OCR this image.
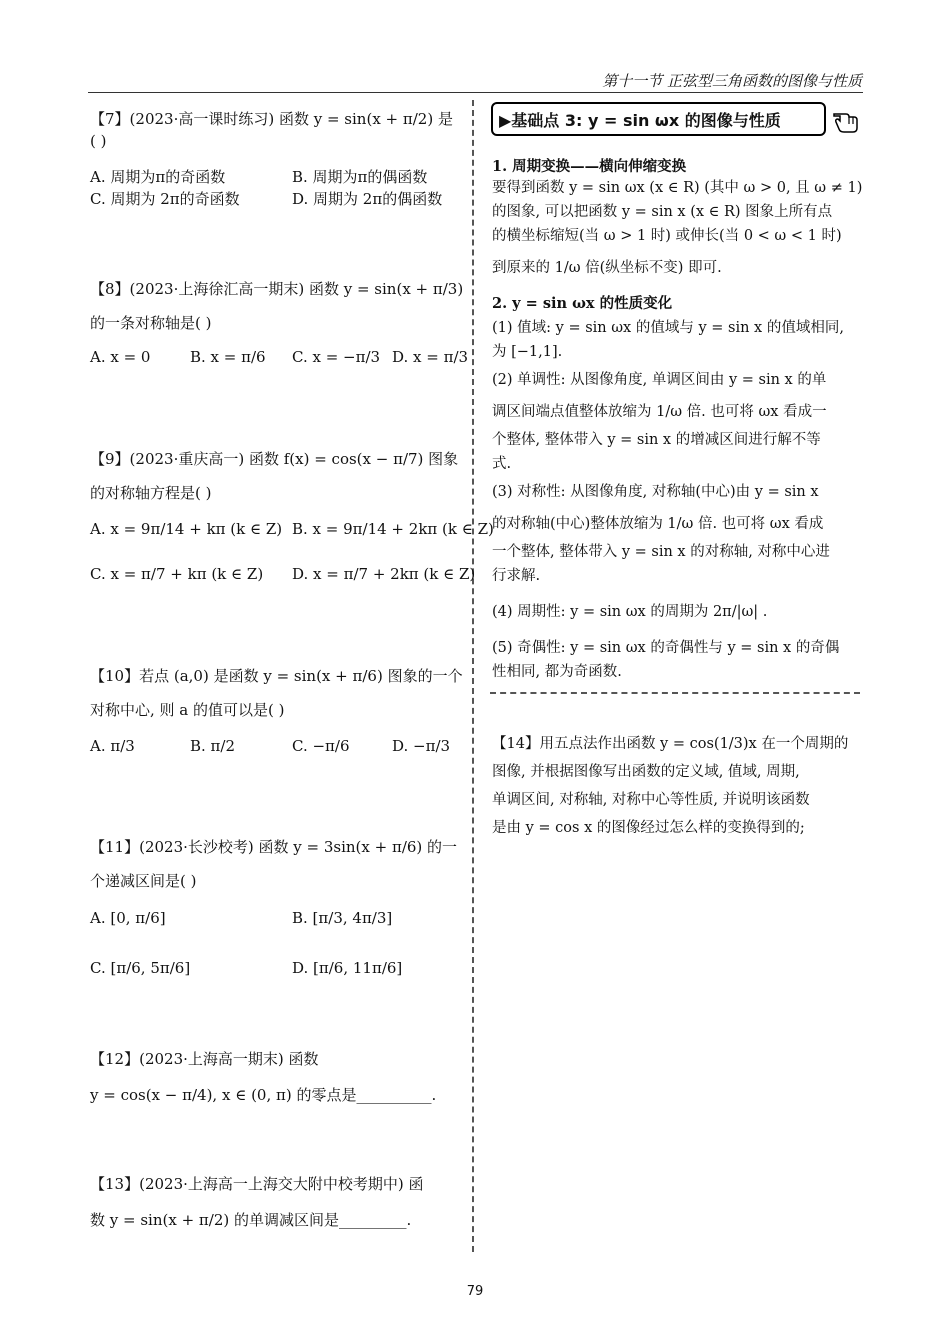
第十一节 正弦型三角函数的图像与性质
【7】(2023·高一课时练习) 函数 y = sin(x + π/2) 是
( )
A. 周期为π的奇函数	B. 周期为π的偶函数
C. 周期为 2π的奇函数	D. 周期为 2π的偶函数
【8】(2023·上海徐汇高一期末) 函数 y = sin(x + π/3)
的一条对称轴是( )
A. x = 0	B. x = π/6 C. x = −π/3 D. x = π/3
【9】(2023·重庆高一) 函数 f(x) = cos(x − π/7) 图象
的对称轴方程是( )
A. x = 9π/14 + kπ (k ∈ Z) B. x = 9π/14 + 2kπ (k ∈ Z)
C. x = π/7 + kπ (k ∈ Z) D. x = π/7 + 2kπ (k ∈ Z)
【10】若点 (a,0) 是函数 y = sin(x + π/6) 图象的一个
对称中心, 则 a 的值可以是( )
A. π/3	B. π/2	C. −π/6	D. −π/3
【11】(2023·长沙校考) 函数 y = 3sin(x + π/6) 的一
个递减区间是( )
A. [0, π/6]	B. [π/3, 4π/3]
C. [π/6, 5π/6]	D. [π/6, 11π/6]
【12】(2023·上海高一期末) 函数
y = cos(x − π/4), x ∈ (0, π) 的零点是__________.
【13】(2023·上海高一上海交大附中校考期中) 函
数 y = sin(x + π/2) 的单调减区间是_________.
▶基础点 3: y = sin ωx 的图像与性质
1. 周期变换——横向伸缩变换
要得到函数 y = sin ωx (x ∈ R) (其中 ω > 0, 且 ω ≠ 1)
的图象, 可以把函数 y = sin x (x ∈ R) 图象上所有点
的横坐标缩短(当 ω > 1 时) 或伸长(当 0 < ω < 1 时)
到原来的 1/ω 倍(纵坐标不变) 即可.
2. y = sin ωx 的性质变化
(1) 值域: y = sin ωx 的值域与 y = sin x 的值域相同,
为 [−1,1].
(2) 单调性: 从图像角度, 单调区间由 y = sin x 的单
调区间端点值整体放缩为 1/ω 倍. 也可将 ωx 看成一
个整体, 整体带入 y = sin x 的增减区间进行解不等
式.
(3) 对称性: 从图像角度, 对称轴(中心)由 y = sin x
的对称轴(中心)整体放缩为 1/ω 倍. 也可将 ωx 看成
一个整体, 整体带入 y = sin x 的对称轴, 对称中心进
行求解.
(4) 周期性: y = sin ωx 的周期为 2π/|ω| .
(5) 奇偶性: y = sin ωx 的奇偶性与 y = sin x 的奇偶
性相同, 都为奇函数.
【14】用五点法作出函数 y = cos(1/3)x 在一个周期的
图像, 并根据图像写出函数的定义域, 值域, 周期,
单调区间, 对称轴, 对称中心等性质, 并说明该函数
是由 y = cos x 的图像经过怎么样的变换得到的;
79
